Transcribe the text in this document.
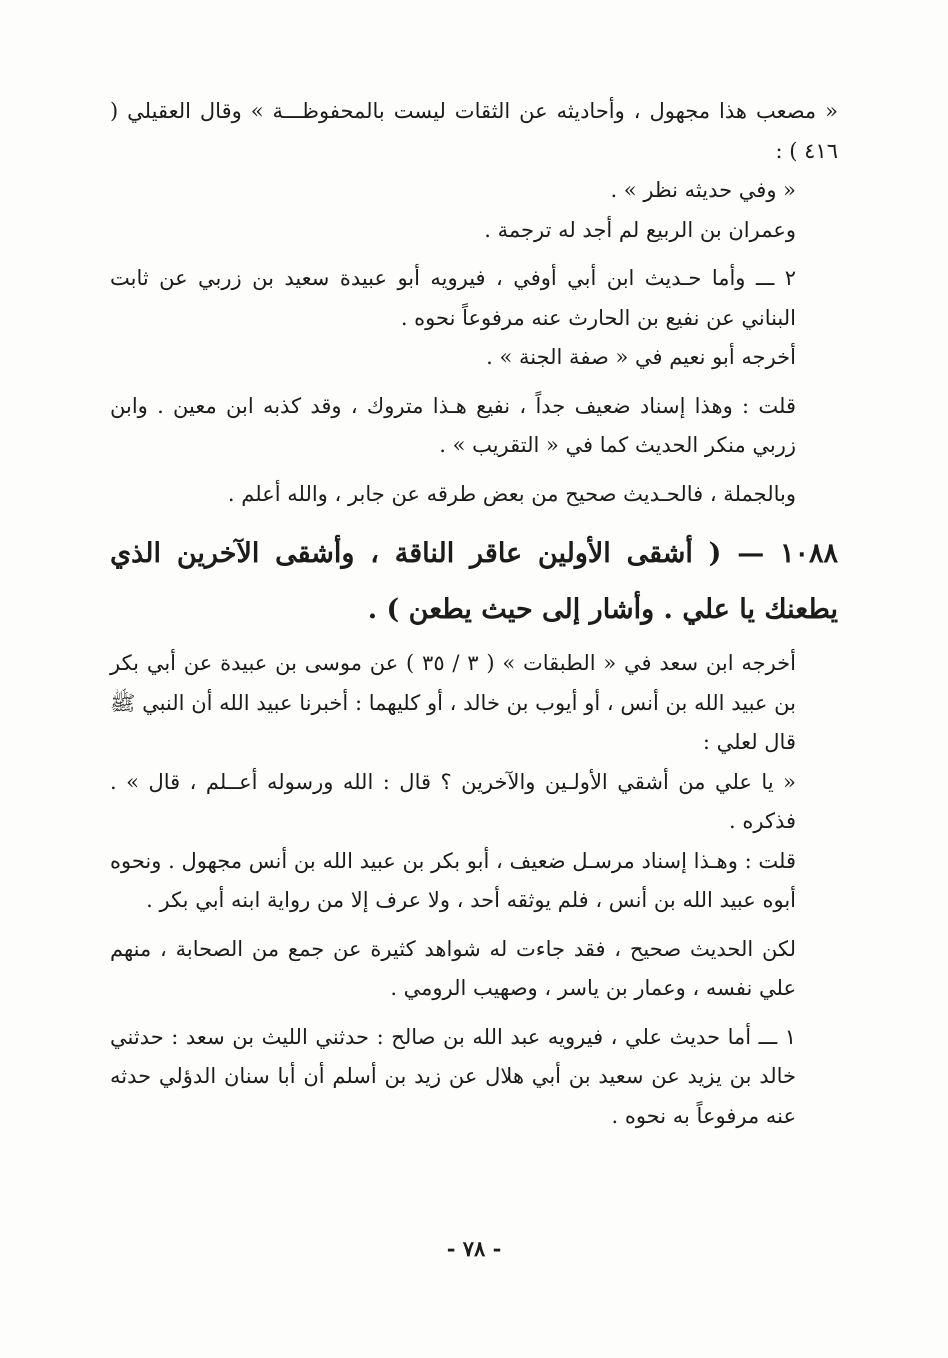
« مصعب هذا مجهول ، وأحاديثه عن الثقات ليست بالمحفوظـــة » وقال العقيلي ( ٤١٦ ) :

« وفي حديثه نظر » .

وعمران بن الربيع لم أجد له ترجمة .

٢ ـــ وأما حـديث ابن أبي أوفي ، فيرويه أبو عبيدة سعيد بن زربي عن ثابت البناني عن نفيع بن الحارث عنه مرفوعاً نحوه .

أخرجه أبو نعيم في « صفة الجنة » .

قلت : وهذا إسناد ضعيف جداً ، نفيع هـذا متروك ، وقد كذبه ابن معين . وابن زربي منكر الحديث كما في « التقريب » .

وبالجملة ، فالحـديث صحيح من بعض طرقه عن جابر ، والله أعلم .

١٠٨٨ — ( أشقى الأولين عاقر الناقة ، وأشقى الآخرين الذي يطعنك يا علي . وأشار إلى حيث يطعن ) .

أخرجه ابن سعد في « الطبقات » ( ٣ / ٣٥ ) عن موسى بن عبيدة عن أبي بكر بن عبيد الله بن أنس ، أو أيوب بن خالد ، أو كليهما : أخبرنا عبيد الله أن النبي ﷺ قال لعلي :

« يا علي من أشقي الأولـين والآخرين ؟ قال : الله ورسوله أعــلم ، قال » . فذكره .

قلت : وهـذا إسناد مرسـل ضعيف ، أبو بكر بن عبيد الله بن أنس مجهول . ونحوه أبوه عبيد الله بن أنس ، فلم يوثقه أحد ، ولا عرف إلا من رواية ابنه أبي بكر .

لكن الحديث صحيح ، فقد جاءت له شواهد كثيرة عن جمع من الصحابة ، منهم علي نفسه ، وعمار بن ياسر ، وصهيب الرومي .

١ ـــ أما حديث علي ، فيرويه عبد الله بن صالح : حدثني الليث بن سعد : حدثني خالد بن يزيد عن سعيد بن أبي هلال عن زيد بن أسلم أن أبا سنان الدؤلي حدثه عنه مرفوعاً به نحوه .

- ٧٨ -
